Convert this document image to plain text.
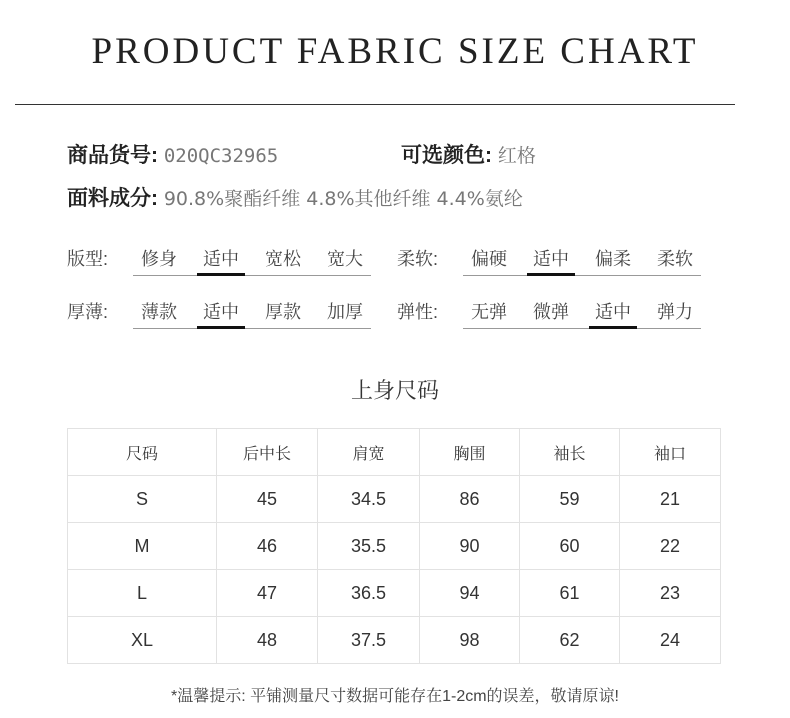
PRODUCT FABRIC SIZE CHART
商品货号: 020QC32965	可选颜色: 红格
面料成分: 90.8%聚酯纤维 4.8%其他纤维 4.4%氨纶
版型:	修身	适中	宽松	宽大	柔软:	偏硬	适中	偏柔	柔软
厚薄:	薄款	适中	厚款	加厚	弹性:	无弹	微弹	适中	弹力
上身尺码
尺码	后中长	肩宽	胸围	袖长	袖口
S	45	34.5	86	59	21
M	46	35.5	90	60	22
L	47	36.5	94	61	23
XL	48	37.5	98	62	24
*温馨提示: 平铺测量尺寸数据可能存在1-2cm的误差，敬请原谅!
